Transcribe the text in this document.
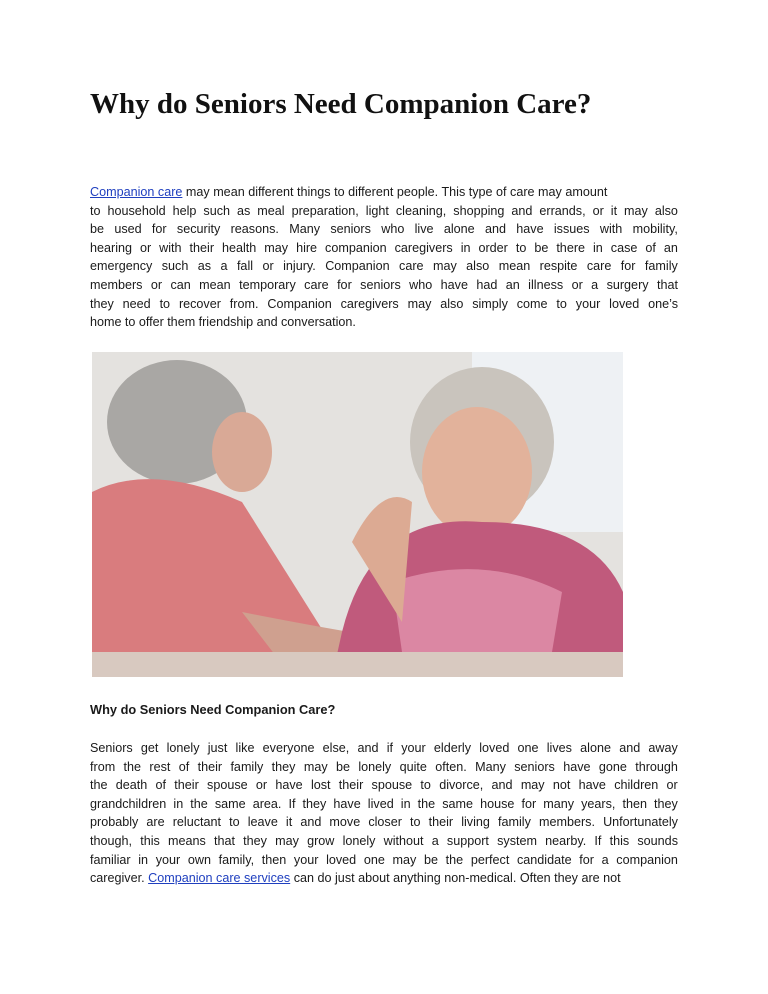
Why do Seniors Need Companion Care?
Companion care may mean different things to different people. This type of care may amount
to household help such as meal preparation, light cleaning, shopping and errands, or it may also
be used for security reasons. Many seniors who live alone and have issues with mobility,
hearing or with their health may hire companion caregivers in order to be there in case of an
emergency such as a fall or injury. Companion care may also mean respite care for family
members or can mean temporary care for seniors who have had an illness or a surgery that
they need to recover from. Companion caregivers may also simply come to your loved one’s
home to offer them friendship and conversation.
Why do Seniors Need Companion Care?
Seniors get lonely just like everyone else, and if your elderly loved one lives alone and away
from the rest of their family they may be lonely quite often. Many seniors have gone through
the death of their spouse or have lost their spouse to divorce, and may not have children or
grandchildren in the same area. If they have lived in the same house for many years, then they
probably are reluctant to leave it and move closer to their living family members. Unfortunately
though, this means that they may grow lonely without a support system nearby. If this sounds
familiar in your own family, then your loved one may be the perfect candidate for a companion
caregiver. Companion care services can do just about anything non-medical. Often they are not
